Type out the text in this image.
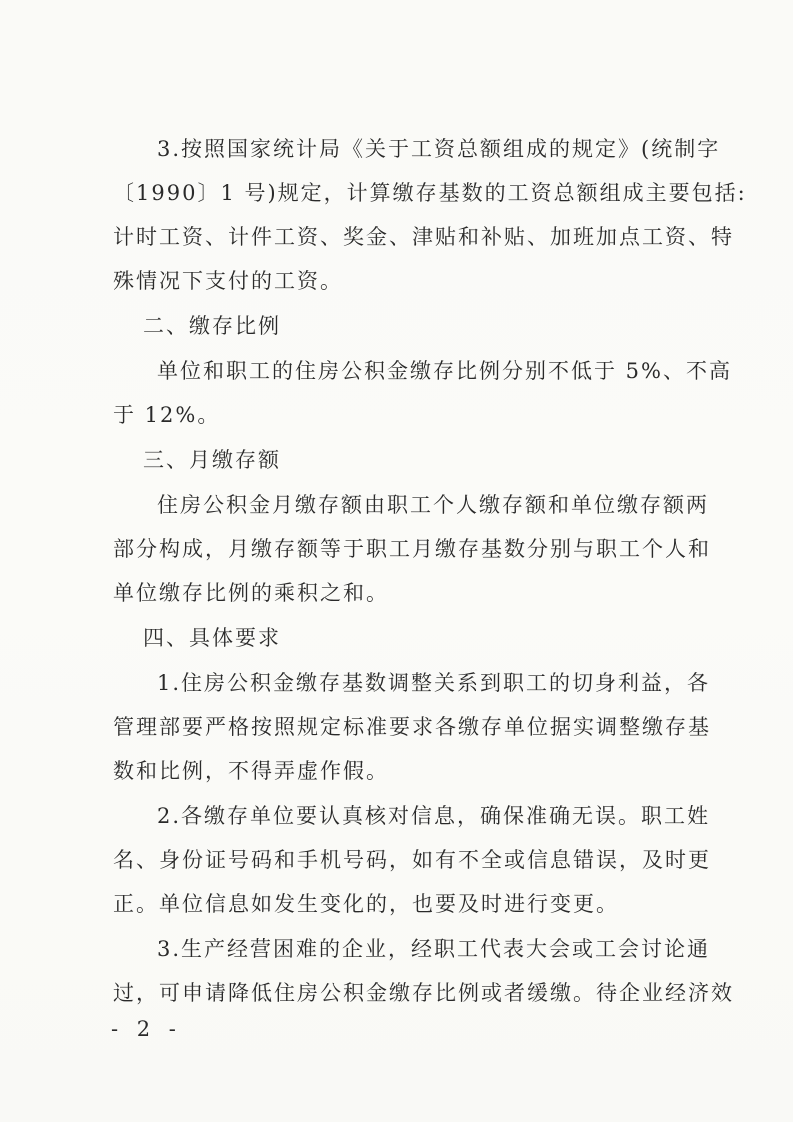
3.按照国家统计局《关于工资总额组成的规定》(统制字
〔1990〕1 号)规定，计算缴存基数的工资总额组成主要包括:
计时工资、计件工资、奖金、津贴和补贴、加班加点工资、特
殊情况下支付的工资。
二、缴存比例
单位和职工的住房公积金缴存比例分别不低于 5%、不高
于 12%。
三、月缴存额
住房公积金月缴存额由职工个人缴存额和单位缴存额两
部分构成，月缴存额等于职工月缴存基数分别与职工个人和
单位缴存比例的乘积之和。
四、具体要求
1.住房公积金缴存基数调整关系到职工的切身利益，各
管理部要严格按照规定标准要求各缴存单位据实调整缴存基
数和比例，不得弄虚作假。
2.各缴存单位要认真核对信息，确保准确无误。职工姓
名、身份证号码和手机号码，如有不全或信息错误，及时更
正。单位信息如发生变化的，也要及时进行变更。
3.生产经营困难的企业，经职工代表大会或工会讨论通
过，可申请降低住房公积金缴存比例或者缓缴。待企业经济效
- 2 -
